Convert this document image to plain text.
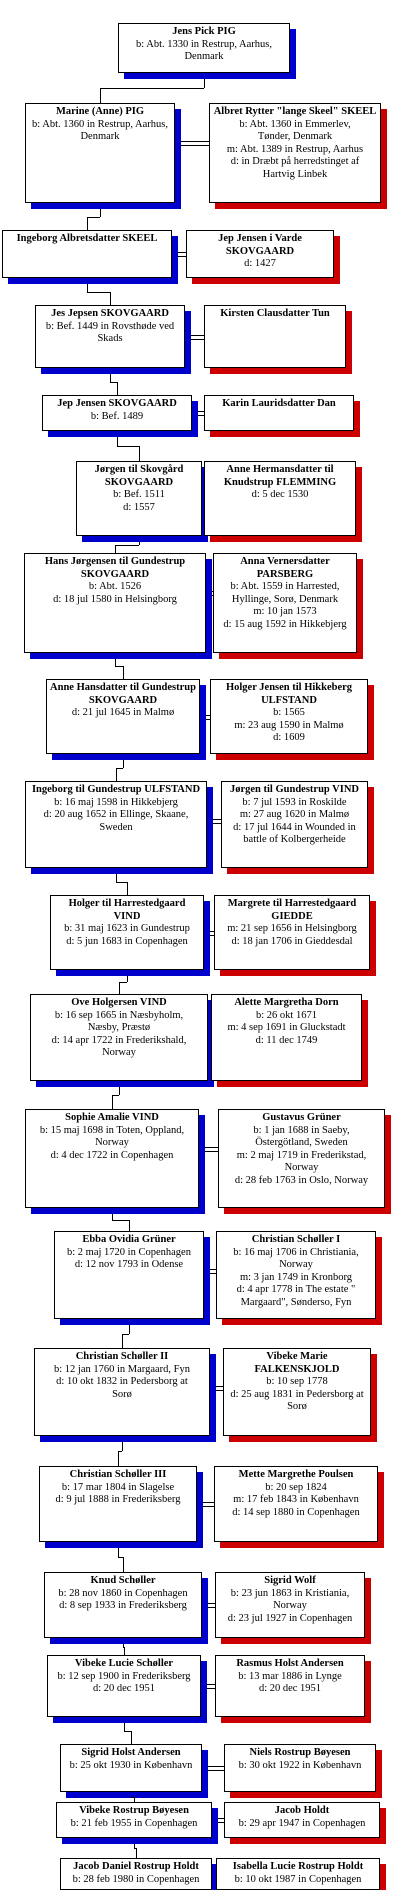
Jens Pick PIG
b: Abt. 1330 in Restrup, Aarhus,
Denmark
Marine (Anne) PIG
b: Abt. 1360 in Restrup, Aarhus,
Denmark
Albret Rytter "lange Skeel" SKEEL
b: Abt. 1360 in Emmerlev,
Tønder, Denmark
m: Abt. 1389 in Restrup, Aarhus
d: in Dræbt på herredstinget af
Hartvig Linbek
Ingeborg Albretsdatter SKEEL	Jep Jensen i Varde SKOVGAARD
d: 1427
Jes Jepsen SKOVGAARD
b: Bef. 1449 in Rovsthøde ved
Skads
Kirsten Clausdatter Tun
Jep Jensen SKOVGAARD
b: Bef. 1489
Karin Lauridsdatter Dan
Jørgen til Skovgård SKOVGAARD
b: Bef. 1511
d: 1557
Anne Hermansdatter til Knudstrup FLEMMING
d: 5 dec 1530
Hans Jørgensen til Gundestrup SKOVGAARD
b: Abt. 1526
d: 18 jul 1580 in Helsingborg
Anna Vernersdatter PARSBERG
b: Abt. 1559 in Harrested,
Hyllinge, Sorø, Denmark
m: 10 jan 1573
d: 15 aug 1592 in Hikkebjerg
Anne Hansdatter til Gundestrup SKOVGAARD
d: 21 jul 1645 in Malmø
Holger Jensen til Hikkeberg ULFSTAND
b: 1565
m: 23 aug 1590 in Malmø
d: 1609
Ingeborg til Gundestrup ULFSTAND
b: 16 maj 1598 in Hikkebjerg
d: 20 aug 1652 in Ellinge, Skaane,
Sweden
Jørgen til Gundestrup VIND
b: 7 jul 1593 in Roskilde
m: 27 aug 1620 in Malmø
d: 17 jul 1644 in Wounded in
battle of Kolbergerheide
Holger til Harrestedgaard VIND
b: 31 maj 1623 in Gundestrup
d: 5 jun 1683 in Copenhagen
Margrete til Harrestedgaard GIEDDE
m: 21 sep 1656 in Helsingborg
d: 18 jan 1706 in Gieddesdal
Ove Holgersen VIND
b: 16 sep 1665 in Næsbyholm,
Næsby, Præstø
d: 14 apr 1722 in Frederikshald,
Norway
Alette Margretha Dorn
b: 26 okt 1671
m: 4 sep 1691 in Gluckstadt
d: 11 dec 1749
Sophie Amalie VIND
b: 15 maj 1698 in Toten, Oppland,
Norway
d: 4 dec 1722 in Copenhagen
Gustavus Grüner
b: 1 jan 1688 in Saeby,
Östergötland, Sweden
m: 2 maj 1719 in Frederikstad,
Norway
d: 28 feb 1763 in Oslo, Norway
Ebba Ovidia Grüner
b: 2 maj 1720 in Copenhagen
d: 12 nov 1793 in Odense
Christian Schøller I
b: 16 maj 1706 in Christiania,
Norway
m: 3 jan 1749 in Kronborg
d: 4 apr 1778 in The estate "
Margaard", Sønderso, Fyn
Christian Schøller II
b: 12 jan 1760 in Margaard, Fyn
d: 10 okt 1832 in Pedersborg at
Sorø
Vibeke Marie FALKENSKJOLD
b: 10 sep 1778
d: 25 aug 1831 in Pedersborg at
Sorø
Christian Schøller III
b: 17 mar 1804 in Slagelse
d: 9 jul 1888 in Frederiksberg
Mette Margrethe Poulsen
b: 20 sep 1824
m: 17 feb 1843 in København
d: 14 sep 1880 in Copenhagen
Knud Schøller
b: 28 nov 1860 in Copenhagen
d: 8 sep 1933 in Frederiksberg
Sigrid Wolf
b: 23 jun 1863 in Kristiania,
Norway
d: 23 jul 1927 in Copenhagen
Vibeke Lucie Schøller
b: 12 sep 1900 in Frederiksberg
d: 20 dec 1951
Rasmus Holst Andersen
b: 13 mar 1886 in Lynge
d: 20 dec 1951
Sigrid Holst Andersen
b: 25 okt 1930 in København
Niels Rostrup Bøyesen
b: 30 okt 1922 in København
Vibeke Rostrup Bøyesen
b: 21 feb 1955 in Copenhagen
Jacob Holdt
b: 29 apr 1947 in Copenhagen
Jacob Daniel Rostrup Holdt
b: 28 feb 1980 in Copenhagen
Isabella Lucie Rostrup Holdt
b: 10 okt 1987 in Copenhagen
